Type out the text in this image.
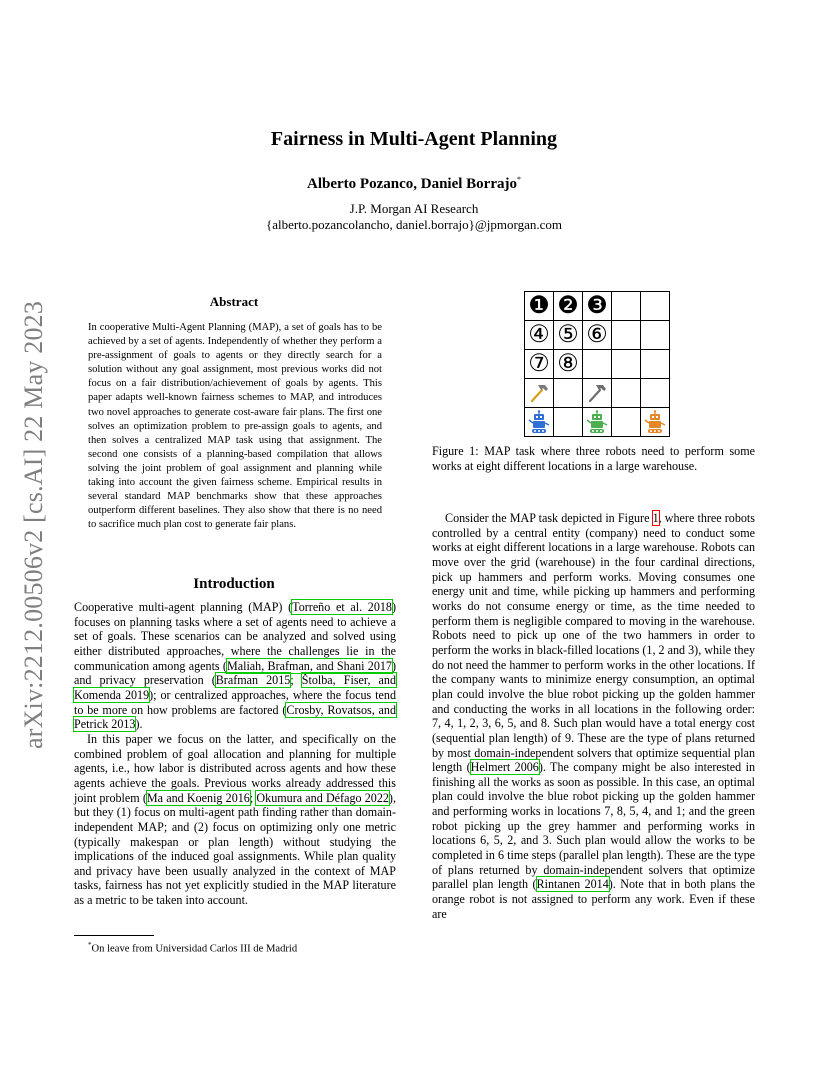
arXiv:2212.00506v2 [cs.AI] 22 May 2023
Fairness in Multi-Agent Planning
Alberto Pozanco, Daniel Borrajo*
J.P. Morgan AI Research
{alberto.pozancolancho, daniel.borrajo}@jpmorgan.com
Abstract
In cooperative Multi-Agent Planning (MAP), a set of goals has to be achieved by a set of agents. Independently of whether they perform a pre-assignment of goals to agents or they directly search for a solution without any goal assignment, most previous works did not focus on a fair distribution/achievement of goals by agents. This paper adapts well-known fairness schemes to MAP, and introduces two novel approaches to generate cost-aware fair plans. The first one solves an optimization problem to pre-assign goals to agents, and then solves a centralized MAP task using that assignment. The second one consists of a planning-based compilation that allows solving the joint problem of goal assignment and planning while taking into account the given fairness scheme. Empirical results in several standard MAP benchmarks show that these approaches outperform different baselines. They also show that there is no need to sacrifice much plan cost to generate fair plans.
Introduction

Cooperative multi-agent planning (MAP) (Torreño et al. 2018) focuses on planning tasks where a set of agents need to achieve a set of goals. These scenarios can be analyzed and solved using either distributed approaches, where the challenges lie in the communication among agents (Maliah, Brafman, and Shani 2017) and privacy preservation (Brafman 2015; Štolba, Fiser, and Komenda 2019); or centralized approaches, where the focus tend to be more on how problems are factored (Crosby, Rovatsos, and Petrick 2013).

In this paper we focus on the latter, and specifically on the combined problem of goal allocation and planning for multiple agents, i.e., how labor is distributed across agents and how these agents achieve the goals. Previous works already addressed this joint problem (Ma and Koenig 2016; Okumura and Défago 2022), but they (1) focus on multi-agent path finding rather than domain-independent MAP; and (2) focus on optimizing only one metric (typically makespan or plan length) without studying the implications of the induced goal assignments. While plan quality and privacy have been usually analyzed in the context of MAP tasks, fairness has not yet explicitly studied in the MAP literature as a metric to be taken into account.

*On leave from Universidad Carlos III de Madrid
❶	❷	❸		
④	⑤	⑥		
⑦	⑧			

Figure 1: MAP task where three robots need to perform some works at eight different locations in a large warehouse.

Consider the MAP task depicted in Figure 1, where three robots controlled by a central entity (company) need to conduct some works at eight different locations in a large warehouse. Robots can move over the grid (warehouse) in the four cardinal directions, pick up hammers and perform works. Moving consumes one energy unit and time, while picking up hammers and performing works do not consume energy or time, as the time needed to perform them is negligible compared to moving in the warehouse. Robots need to pick up one of the two hammers in order to perform the works in black-filled locations (1, 2 and 3), while they do not need the hammer to perform works in the other locations. If the company wants to minimize energy consumption, an optimal plan could involve the blue robot picking up the golden hammer and conducting the works in all locations in the following order: 7, 4, 1, 2, 3, 6, 5, and 8. Such plan would have a total energy cost (sequential plan length) of 9. These are the type of plans returned by most domain-independent solvers that optimize sequential plan length (Helmert 2006). The company might be also interested in finishing all the works as soon as possible. In this case, an optimal plan could involve the blue robot picking up the golden hammer and performing works in locations 7, 8, 5, 4, and 1; and the green robot picking up the grey hammer and performing works in locations 6, 5, 2, and 3. Such plan would allow the works to be completed in 6 time steps (parallel plan length). These are the type of plans returned by domain-independent solvers that optimize parallel plan length (Rintanen 2014). Note that in both plans the orange robot is not assigned to perform any work. Even if these are
